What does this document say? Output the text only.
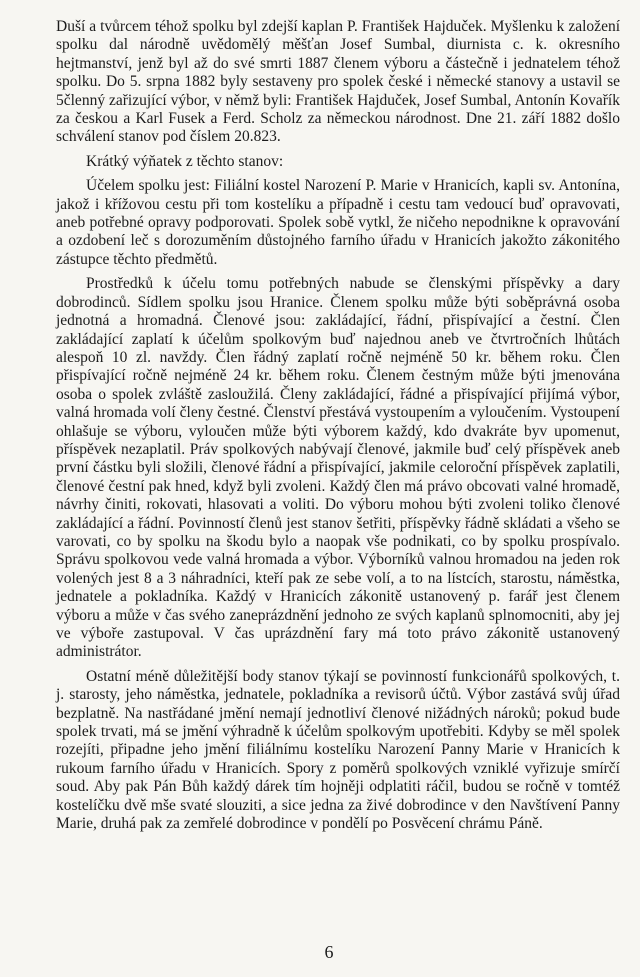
Duší a tvůrcem téhož spolku byl zdejší kaplan P. František Hajduček. Myšlenku k založení spolku dal národně uvědomělý měšťan Josef Sumbal, diurnista c. k. okresního hejtmanství, jenž byl až do své smrti 1887 členem výboru a částečně i jednatelem téhož spolku. Do 5. srpna 1882 byly sestaveny pro spolek české i německé stanovy a ustavil se 5členný zařizující výbor, v němž byli: František Hajduček, Josef Sumbal, Antonín Kovařík za českou a Karl Fusek a Ferd. Scholz za německou národnost. Dne 21. září 1882 došlo schválení stanov pod číslem 20.823.

Krátký výňatek z těchto stanov:

Účelem spolku jest: Filiální kostel Narození P. Marie v Hranicích, kapli sv. Antonína, jakož i křížovou cestu při tom kostelíku a případně i cestu tam vedoucí buď opravovati, aneb potřebné opravy podporovati. Spolek sobě vytkl, že ničeho nepodnikne k opravování a ozdobení leč s dorozuměním důstojného farního úřadu v Hranicích jakožto zákonitého zástupce těchto předmětů.

Prostředků k účelu tomu potřebných nabude se členskými příspěvky a dary dobrodinců. Sídlem spolku jsou Hranice. Členem spolku může býti soběprávná osoba jednotná a hromadná. Členové jsou: zakládající, řádní, přispívající a čestní. Člen zakládající zaplatí k účelům spolkovým buď najednou aneb ve čtvrtročních lhůtách alespoň 10 zl. navždy. Člen řádný zaplatí ročně nejméně 50 kr. během roku. Člen přispívající ročně nejméně 24 kr. během roku. Členem čestným může býti jmenována osoba o spolek zvláště zasloužilá. Členy zakládající, řádné a přispívající přijímá výbor, valná hromada volí členy čestné. Členství přestává vystoupením a vyloučením. Vystoupení ohlašuje se výboru, vyloučen může býti výborem každý, kdo dvakráte byv upomenut, příspěvek nezaplatil. Práv spolkových nabývají členové, jakmile buď celý příspěvek aneb první částku byli složili, členové řádní a přispívající, jakmile celoroční příspěvek zaplatili, členové čestní pak hned, když byli zvoleni. Každý člen má právo obcovati valné hromadě, návrhy činiti, rokovati, hlasovati a voliti. Do výboru mohou býti zvoleni toliko členové zakládající a řádní. Povinností členů jest stanov šetřiti, příspěvky řádně skládati a všeho se varovati, co by spolku na škodu bylo a naopak vše podnikati, co by spolku prospívalo. Správu spolkovou vede valná hromada a výbor. Výborníků valnou hromadou na jeden rok volených jest 8 a 3 náhradníci, kteří pak ze sebe volí, a to na lístcích, starostu, náměstka, jednatele a pokladníka. Každý v Hranicích zákonitě ustanovený p. farář jest členem výboru a může v čas svého zaneprázdnění jednoho ze svých kaplanů splnomocniti, aby jej ve výboře zastupoval. V čas uprázdnění fary má toto právo zákonitě ustanovený administrátor.

Ostatní méně důležitější body stanov týkají se povinností funkcionářů spolkových, t. j. starosty, jeho náměstka, jednatele, pokladníka a revisorů účtů. Výbor zastává svůj úřad bezplatně. Na nastřádané jmění nemají jednotliví členové nižádných nároků; pokud bude spolek trvati, má se jmění výhradně k účelům spolkovým upotřebiti. Kdyby se měl spolek rozejíti, připadne jeho jmění filiálnímu kostelíku Narození Panny Marie v Hranicích k rukoum farního úřadu v Hranicích. Spory z poměrů spolkových vzniklé vyřizuje smírčí soud. Aby pak Pán Bůh každý dárek tím hojněji odplatiti ráčil, budou se ročně v tomtéž kostelíčku dvě mše svaté slouziti, a sice jedna za živé dobrodince v den Navštívení Panny Marie, druhá pak za zemřelé dobrodince v pondělí po Posvěcení chrámu Páně.

6
